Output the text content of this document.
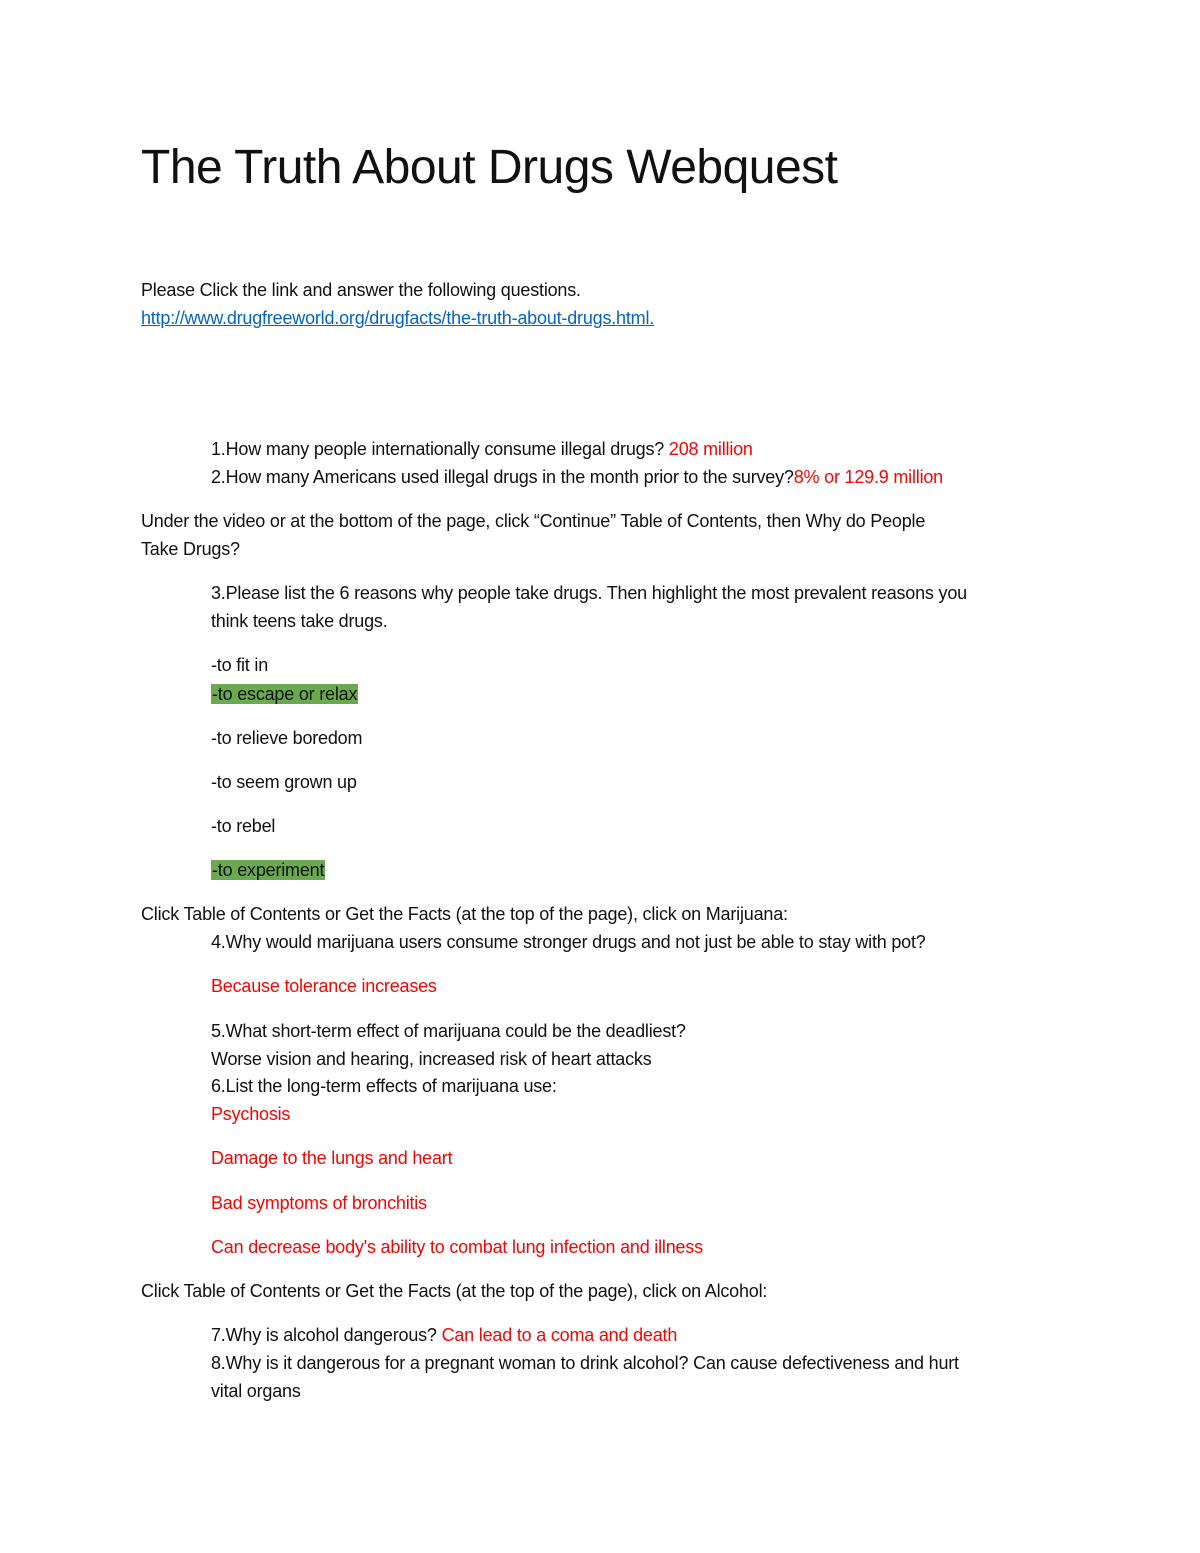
The Truth About Drugs Webquest
Please Click the link and answer the following questions.
http://www.drugfreeworld.org/drugfacts/the-truth-about-drugs.html.
1.How many people internationally consume illegal drugs? 208 million
2.How many Americans used illegal drugs in the month prior to the survey?8% or 129.9 million
Under the video or at the bottom of the page, click “Continue” Table of Contents, then Why do People
Take Drugs?
3.Please list the 6 reasons why people take drugs. Then highlight the most prevalent reasons you
think teens take drugs.
-to fit in
-to escape or relax
-to relieve boredom
-to seem grown up
-to rebel
-to experiment
Click Table of Contents or Get the Facts (at the top of the page), click on Marijuana:
4.Why would marijuana users consume stronger drugs and not just be able to stay with pot?
Because tolerance increases
5.What short-term effect of marijuana could be the deadliest?
Worse vision and hearing, increased risk of heart attacks
6.List the long-term effects of marijuana use:
Psychosis
Damage to the lungs and heart
Bad symptoms of bronchitis
Can decrease body's ability to combat lung infection and illness
Click Table of Contents or Get the Facts (at the top of the page), click on Alcohol:
7.Why is alcohol dangerous? Can lead to a coma and death
8.Why is it dangerous for a pregnant woman to drink alcohol? Can cause defectiveness and hurt
vital organs
